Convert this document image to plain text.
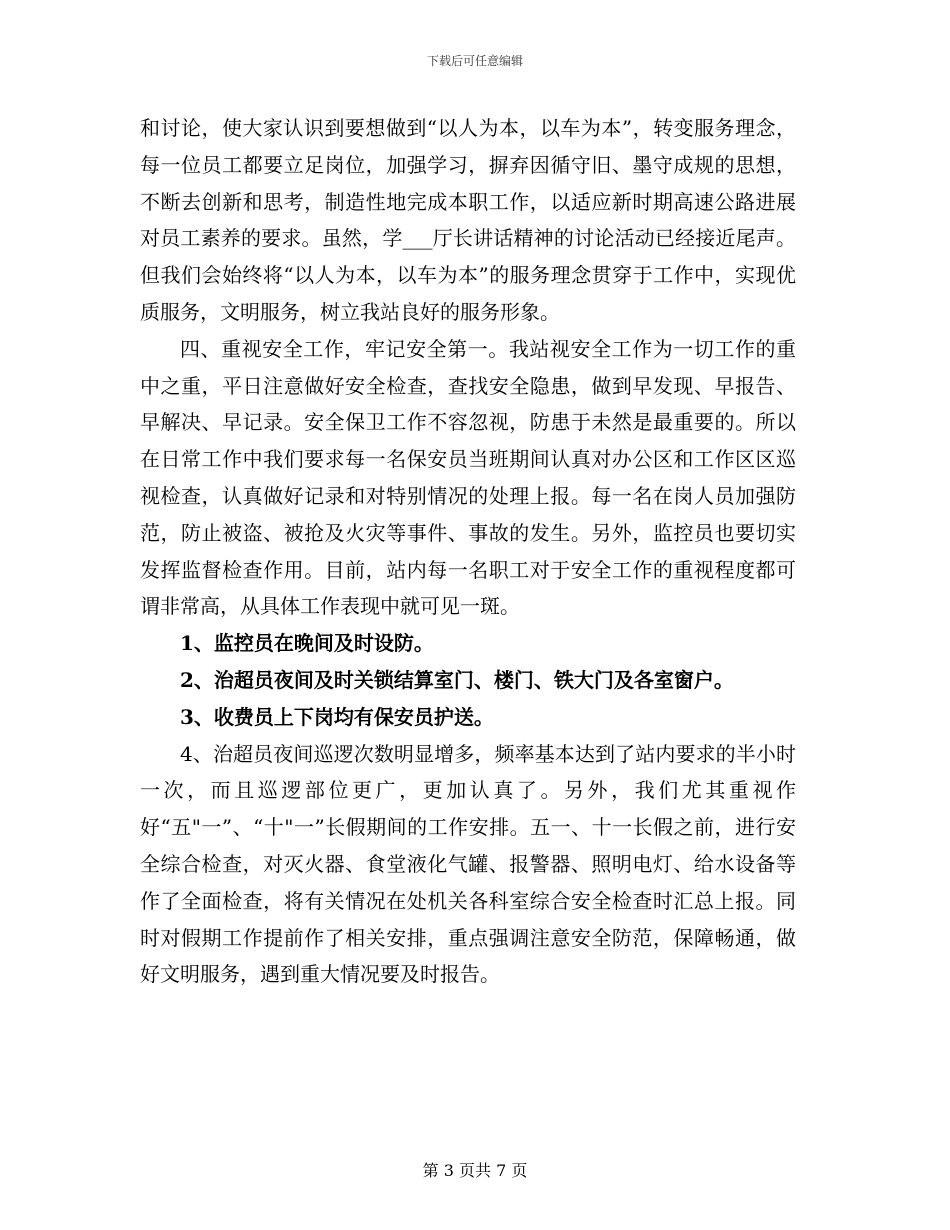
下载后可任意编辑

和讨论，使大家认识到要想做到“以人为本，以车为本”，转变服务理念，每一位员工都要立足岗位，加强学习，摒弃因循守旧、墨守成规的思想，不断去创新和思考，制造性地完成本职工作，以适应新时期高速公路进展对员工素养的要求。虽然，学___厅长讲话精神的讨论活动已经接近尾声。但我们会始终将“以人为本，以车为本”的服务理念贯穿于工作中，实现优质服务，文明服务，树立我站良好的服务形象。

四、重视安全工作，牢记安全第一。我站视安全工作为一切工作的重中之重，平日注意做好安全检查，查找安全隐患，做到早发现、早报告、早解决、早记录。安全保卫工作不容忽视，防患于未然是最重要的。所以在日常工作中我们要求每一名保安员当班期间认真对办公区和工作区区巡视检查，认真做好记录和对特别情况的处理上报。每一名在岗人员加强防范，防止被盗、被抢及火灾等事件、事故的发生。另外，监控员也要切实发挥监督检查作用。目前，站内每一名职工对于安全工作的重视程度都可谓非常高，从具体工作表现中就可见一斑。

1、监控员在晚间及时设防。

2、治超员夜间及时关锁结算室门、楼门、铁大门及各室窗户。

3、收费员上下岗均有保安员护送。

4、治超员夜间巡逻次数明显增多，频率基本达到了站内要求的半小时一次，而且巡逻部位更广，更加认真了。另外，我们尤其重视作好“五"一”、“十"一”长假期间的工作安排。五一、十一长假之前，进行安全综合检查，对灭火器、食堂液化气罐、报警器、照明电灯、给水设备等作了全面检查，将有关情况在处机关各科室综合安全检查时汇总上报。同时对假期工作提前作了相关安排，重点强调注意安全防范，保障畅通，做好文明服务，遇到重大情况要及时报告。

第 3 页共 7 页
